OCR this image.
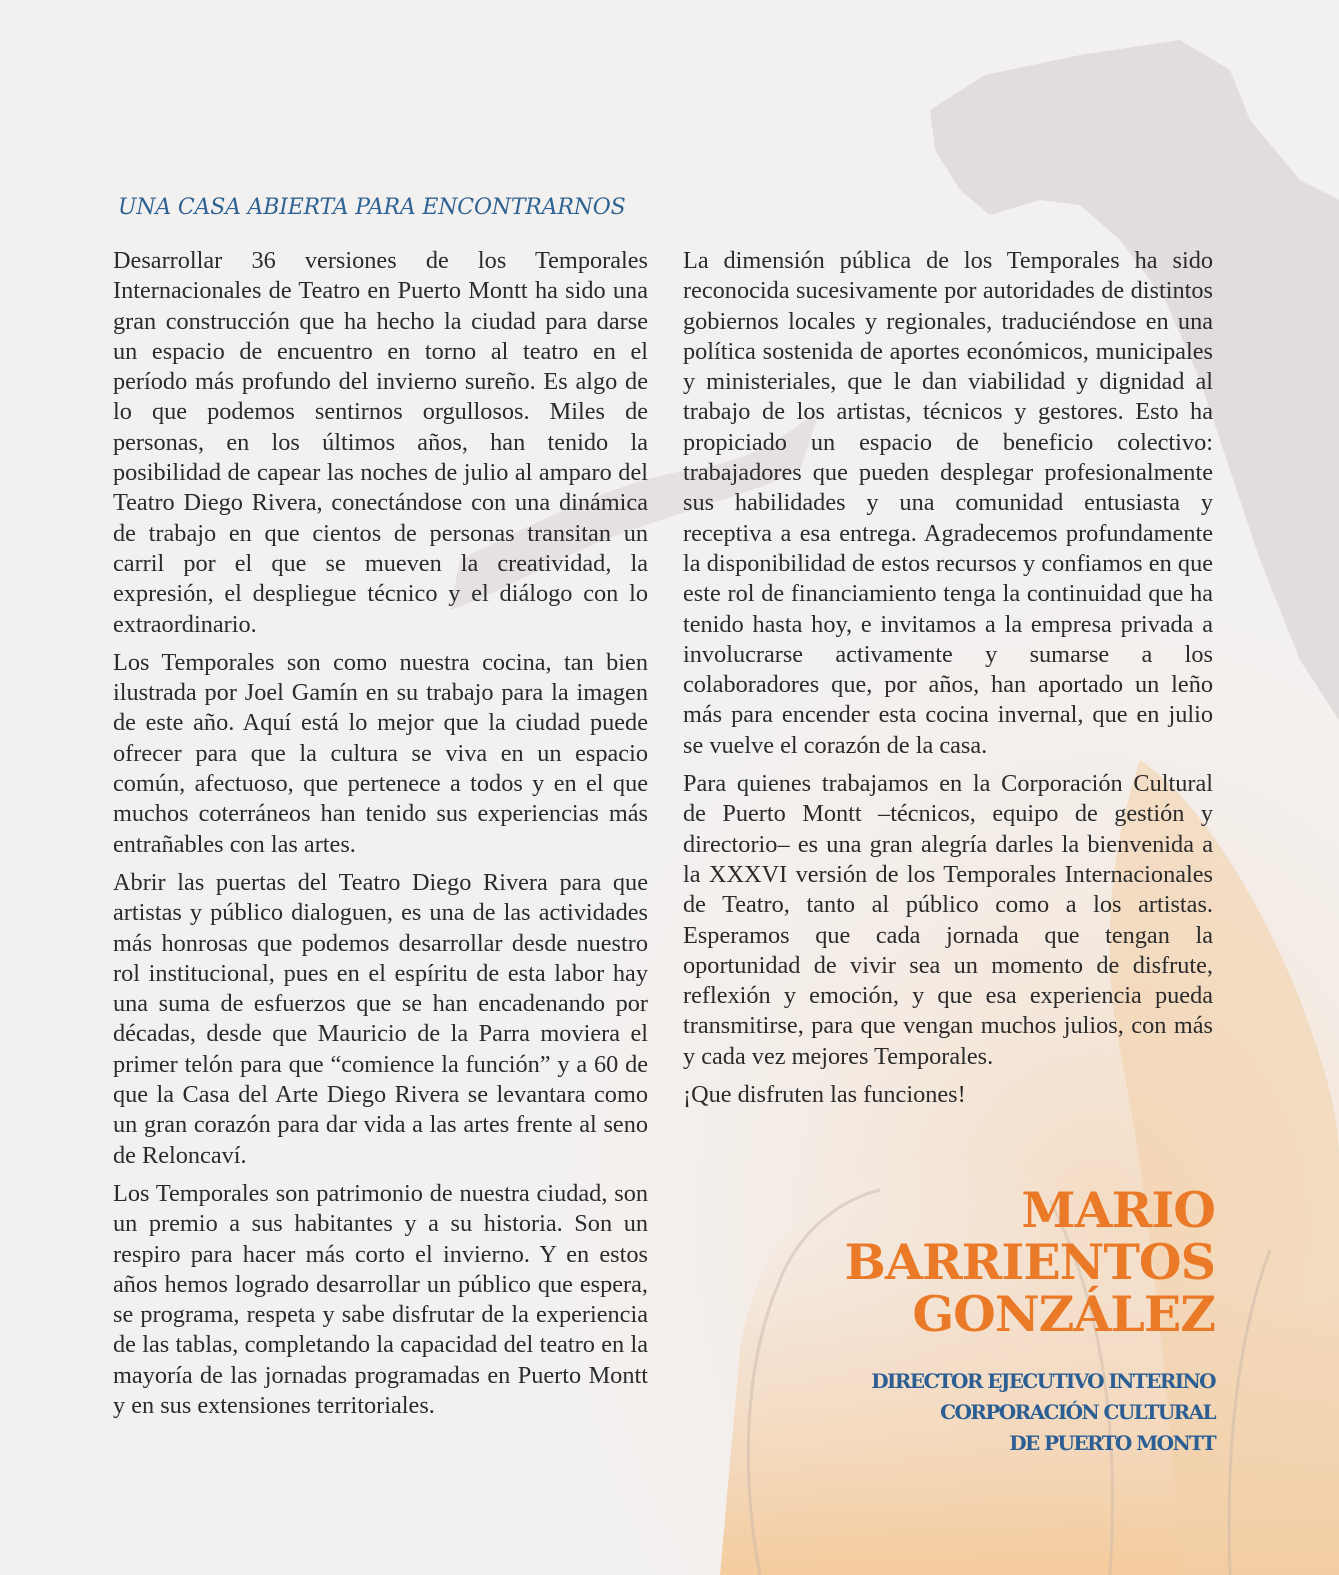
UNA CASA ABIERTA PARA ENCONTRARNOS

Desarrollar 36 versiones de los Temporales Internacionales de Teatro en Puerto Montt ha sido una gran construcción que ha hecho la ciudad para darse un espacio de encuentro en torno al teatro en el período más profundo del invierno sureño. Es algo de lo que podemos sentirnos orgullosos. Miles de personas, en los últimos años, han tenido la posibilidad de capear las noches de julio al amparo del Teatro Diego Rivera, conectándose con una dinámica de trabajo en que cientos de personas transitan un carril por el que se mueven la creatividad, la expresión, el despliegue técnico y el diálogo con lo extraordinario.

Los Temporales son como nuestra cocina, tan bien ilustrada por Joel Gamín en su trabajo para la imagen de este año. Aquí está lo mejor que la ciudad puede ofrecer para que la cultura se viva en un espacio común, afectuoso, que pertenece a todos y en el que muchos coterráneos han tenido sus experiencias más entrañables con las artes.

Abrir las puertas del Teatro Diego Rivera para que artistas y público dialoguen, es una de las actividades más honrosas que podemos desarrollar desde nuestro rol institucional, pues en el espíritu de esta labor hay una suma de esfuerzos que se han encadenando por décadas, desde que Mauricio de la Parra moviera el primer telón para que “comience la función” y a 60 de que la Casa del Arte Diego Rivera se levantara como un gran corazón para dar vida a las artes frente al seno de Reloncaví.

Los Temporales son patrimonio de nuestra ciudad, son un premio a sus habitantes y a su historia. Son un respiro para hacer más corto el invierno. Y en estos años hemos logrado desarrollar un público que espera, se programa, respeta y sabe disfrutar de la experiencia de las tablas, completando la capacidad del teatro en la mayoría de las jornadas programadas en Puerto Montt y en sus extensiones territoriales.

La dimensión pública de los Temporales ha sido reconocida sucesivamente por autoridades de distintos gobiernos locales y regionales, traduciéndose en una política sostenida de aportes económicos, municipales y ministeriales, que le dan viabilidad y dignidad al trabajo de los artistas, técnicos y gestores. Esto ha propiciado un espacio de beneficio colectivo: trabajadores que pueden desplegar profesionalmente sus habilidades y una comunidad entusiasta y receptiva a esa entrega. Agradecemos profundamente la disponibilidad de estos recursos y confiamos en que este rol de financiamiento tenga la continuidad que ha tenido hasta hoy, e invitamos a la empresa privada a involucrarse activamente y sumarse a los colaboradores que, por años, han aportado un leño más para encender esta cocina invernal, que en julio se vuelve el corazón de la casa.

Para quienes trabajamos en la Corporación Cultural de Puerto Montt –técnicos, equipo de gestión y directorio– es una gran alegría darles la bienvenida a la XXXVI versión de los Temporales Internacionales de Teatro, tanto al público como a los artistas. Esperamos que cada jornada que tengan la oportunidad de vivir sea un momento de disfrute, reflexión y emoción, y que esa experiencia pueda transmitirse, para que vengan muchos julios, con más y cada vez mejores Temporales.

¡Que disfruten las funciones!

MARIO
BARRIENTOS
GONZÁLEZ
DIRECTOR EJECUTIVO INTERINO
CORPORACIÓN CULTURAL
DE PUERTO MONTT
